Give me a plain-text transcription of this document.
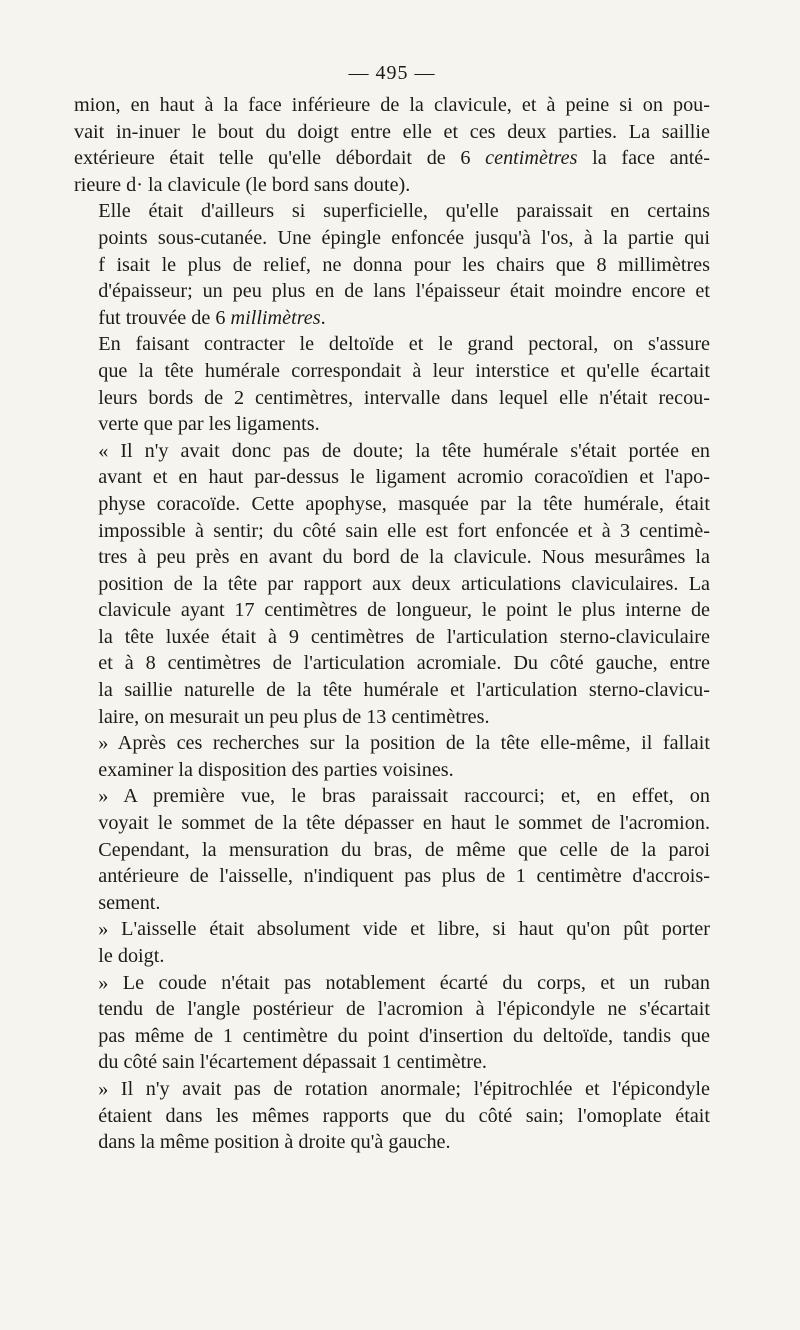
— 495 —

mion, en haut à la face inférieure de la clavicule, et à peine si on pou-
vait in-inuer le bout du doigt entre elle et ces deux parties. La saillie
extérieure était telle qu'elle débordait de 6 centimètres la face anté-
rieure d· la clavicule (le bord sans doute).

Elle était d'ailleurs si superficielle, qu'elle paraissait en certains
points sous-cutanée. Une épingle enfoncée jusqu'à l'os, à la partie qui
f isait le plus de relief, ne donna pour les chairs que 8 millimètres
d'épaisseur; un peu plus en de lans l'épaisseur était moindre encore et
fut trouvée de 6 millimètres.

En faisant contracter le deltoïde et le grand pectoral, on s'assure
que la tête humérale correspondait à leur interstice et qu'elle écartait
leurs bords de 2 centimètres, intervalle dans lequel elle n'était recou-
verte que par les ligaments.

« Il n'y avait donc pas de doute; la tête humérale s'était portée en
avant et en haut par-dessus le ligament acromio coracoïdien et l'apo-
physe coracoïde. Cette apophyse, masquée par la tête humérale, était
impossible à sentir; du côté sain elle est fort enfoncée et à 3 centimè-
tres à peu près en avant du bord de la clavicule. Nous mesurâmes la
position de la tête par rapport aux deux articulations claviculaires. La
clavicule ayant 17 centimètres de longueur, le point le plus interne de
la tête luxée était à 9 centimètres de l'articulation sterno-claviculaire
et à 8 centimètres de l'articulation acromiale. Du côté gauche, entre
la saillie naturelle de la tête humérale et l'articulation sterno-clavicu-
laire, on mesurait un peu plus de 13 centimètres.

» Après ces recherches sur la position de la tête elle-même, il fallait
examiner la disposition des parties voisines.

» A première vue, le bras paraissait raccourci; et, en effet, on
voyait le sommet de la tête dépasser en haut le sommet de l'acromion.
Cependant, la mensuration du bras, de même que celle de la paroi
antérieure de l'aisselle, n'indiquent pas plus de 1 centimètre d'accrois-
sement.

» L'aisselle était absolument vide et libre, si haut qu'on pût porter
le doigt.

» Le coude n'était pas notablement écarté du corps, et un ruban
tendu de l'angle postérieur de l'acromion à l'épicondyle ne s'écartait
pas même de 1 centimètre du point d'insertion du deltoïde, tandis que
du côté sain l'écartement dépassait 1 centimètre.

» Il n'y avait pas de rotation anormale; l'épitrochlée et l'épicondyle
étaient dans les mêmes rapports que du côté sain; l'omoplate était
dans la même position à droite qu'à gauche.
